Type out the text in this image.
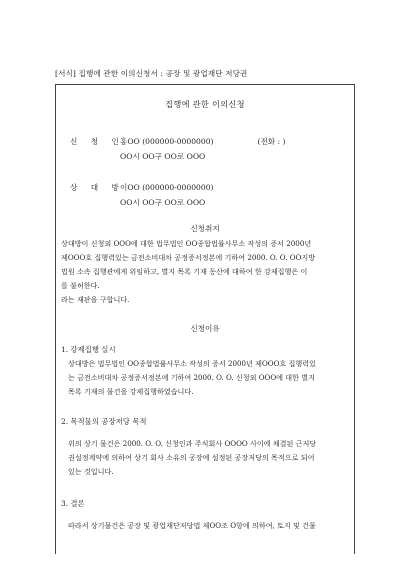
[서식] 집행에 관한 이의신청서 : 공장 및 광업재단 저당권
집행에 관한 이의신청
신 청 인
홍OO (000000-0000000)	(전화 : )
OO시 OO구 OO로 OOO
상 대 방
이OO (000000-0000000)
OO시 OO구 OO로 OOO
신청취지
상대방이 신청외 OOO에 대한 법무법인 OO종합법률사무소 작성의 증서 2000년
제OOO호 집행력있는 금전소비대차 공정증서정본에 기하여 2000. O. O. OO지방
법원 소속 집행관에게 위임하고, 별지 목록 기재 동산에 대하여 한 강제집행은 이
를 불허한다.
라는 재판을 구합니다.
신청이유
1. 강제집행 실시
상대방은 법무법인 OO종합법률사무소 작성의 증서 2000년 제OOO호 집행력있
는 금전소비대차 공정증서정본에 기하여 2000. O. O. 신청외 OOO에 대한 별지
목록 기재의 물건을 강제집행하였습니다.
2. 목적물의 공장저당 목적
위의 상기 물건은 2000. O. O. 신청인과 주식회사 OOOO 사이에 체결된 근저당
권설정계약에 의하여 상기 회사 소유의 공장에 설정된 공장저당의 목적으로 되어
있는 것입니다.
3. 결론
따라서 상기물건은 공장 및 광업재단저당법 제OO조 O항에 의하여, 토지 및 건물
